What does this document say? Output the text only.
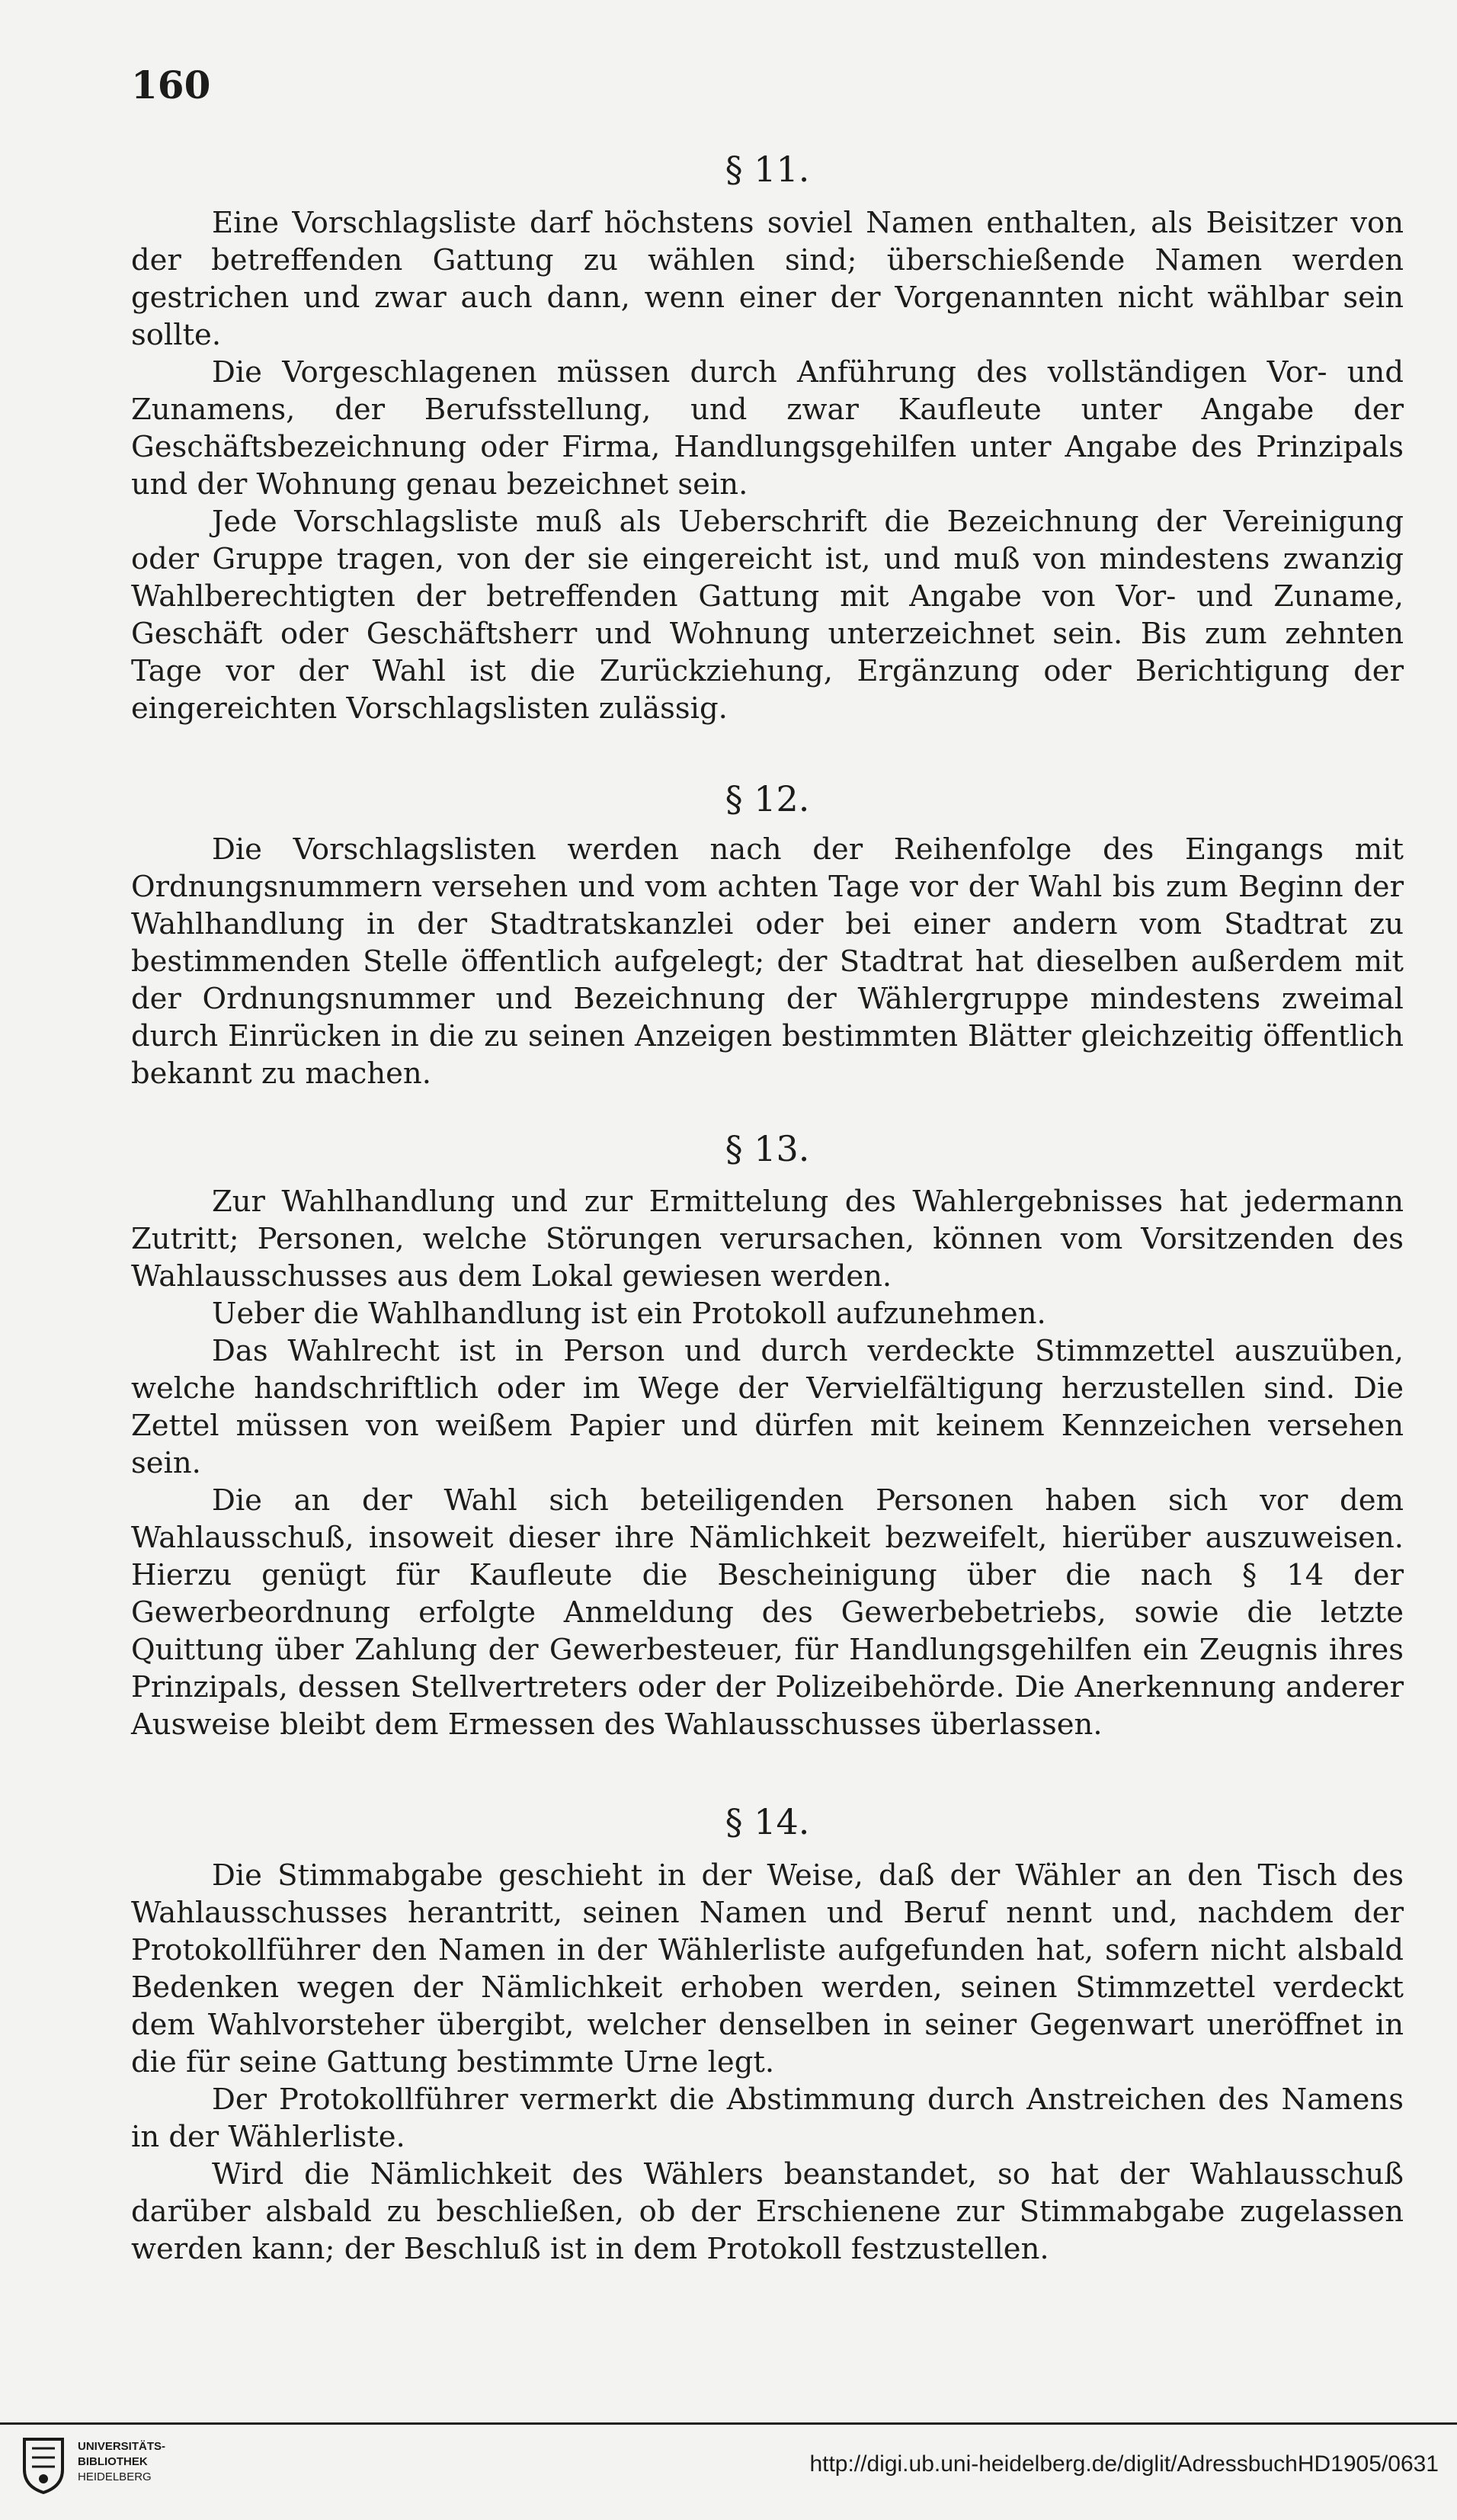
160
§ 11.

Eine Vorschlagsliste darf höchstens soviel Namen enthalten, als Beisitzer von der betreffenden Gattung zu wählen sind; überschießende Namen werden gestrichen und zwar auch dann, wenn einer der Vorgenannten nicht wählbar sein sollte.

Die Vorgeschlagenen müssen durch Anführung des vollständigen Vor- und Zunamens, der Berufsstellung, und zwar Kaufleute unter Angabe der Geschäftsbezeichnung oder Firma, Handlungsgehilfen unter Angabe des Prinzipals und der Wohnung genau bezeichnet sein.

Jede Vorschlagsliste muß als Ueberschrift die Bezeichnung der Vereinigung oder Gruppe tragen, von der sie eingereicht ist, und muß von mindestens zwanzig Wahlberechtigten der betreffenden Gattung mit Angabe von Vor- und Zuname, Geschäft oder Geschäftsherr und Wohnung unterzeichnet sein. Bis zum zehnten Tage vor der Wahl ist die Zurückziehung, Ergänzung oder Berichtigung der eingereichten Vorschlagslisten zulässig.

§ 12.

Die Vorschlagslisten werden nach der Reihenfolge des Eingangs mit Ordnungsnummern versehen und vom achten Tage vor der Wahl bis zum Beginn der Wahlhandlung in der Stadtratskanzlei oder bei einer andern vom Stadtrat zu bestimmenden Stelle öffentlich aufgelegt; der Stadtrat hat dieselben außerdem mit der Ordnungsnummer und Bezeichnung der Wählergruppe mindestens zweimal durch Einrücken in die zu seinen Anzeigen bestimmten Blätter gleichzeitig öffentlich bekannt zu machen.

§ 13.

Zur Wahlhandlung und zur Ermittelung des Wahlergebnisses hat jedermann Zutritt; Personen, welche Störungen verursachen, können vom Vorsitzenden des Wahlausschusses aus dem Lokal gewiesen werden.

Ueber die Wahlhandlung ist ein Protokoll aufzunehmen.

Das Wahlrecht ist in Person und durch verdeckte Stimmzettel auszuüben, welche handschriftlich oder im Wege der Vervielfältigung herzustellen sind. Die Zettel müssen von weißem Papier und dürfen mit keinem Kennzeichen versehen sein.

Die an der Wahl sich beteiligenden Personen haben sich vor dem Wahlausschuß, insoweit dieser ihre Nämlichkeit bezweifelt, hierüber auszuweisen. Hierzu genügt für Kaufleute die Bescheinigung über die nach § 14 der Gewerbeordnung erfolgte Anmeldung des Gewerbebetriebs, sowie die letzte Quittung über Zahlung der Gewerbesteuer, für Handlungsgehilfen ein Zeugnis ihres Prinzipals, dessen Stellvertreters oder der Polizeibehörde. Die Anerkennung anderer Ausweise bleibt dem Ermessen des Wahlausschusses überlassen.

§ 14.

Die Stimmabgabe geschieht in der Weise, daß der Wähler an den Tisch des Wahlausschusses herantritt, seinen Namen und Beruf nennt und, nachdem der Protokollführer den Namen in der Wählerliste aufgefunden hat, sofern nicht alsbald Bedenken wegen der Nämlichkeit erhoben werden, seinen Stimmzettel verdeckt dem Wahlvorsteher übergibt, welcher denselben in seiner Gegenwart uneröffnet in die für seine Gattung bestimmte Urne legt.

Der Protokollführer vermerkt die Abstimmung durch Anstreichen des Namens in der Wählerliste.

Wird die Nämlichkeit des Wählers beanstandet, so hat der Wahlausschuß darüber alsbald zu beschließen, ob der Erschienene zur Stimmabgabe zugelassen werden kann; der Beschluß ist in dem Protokoll festzustellen.

UNIVERSITÄTS-
BIBLIOTHEK
HEIDELBERG
http://digi.ub.uni-heidelberg.de/diglit/AdressbuchHD1905/0631
